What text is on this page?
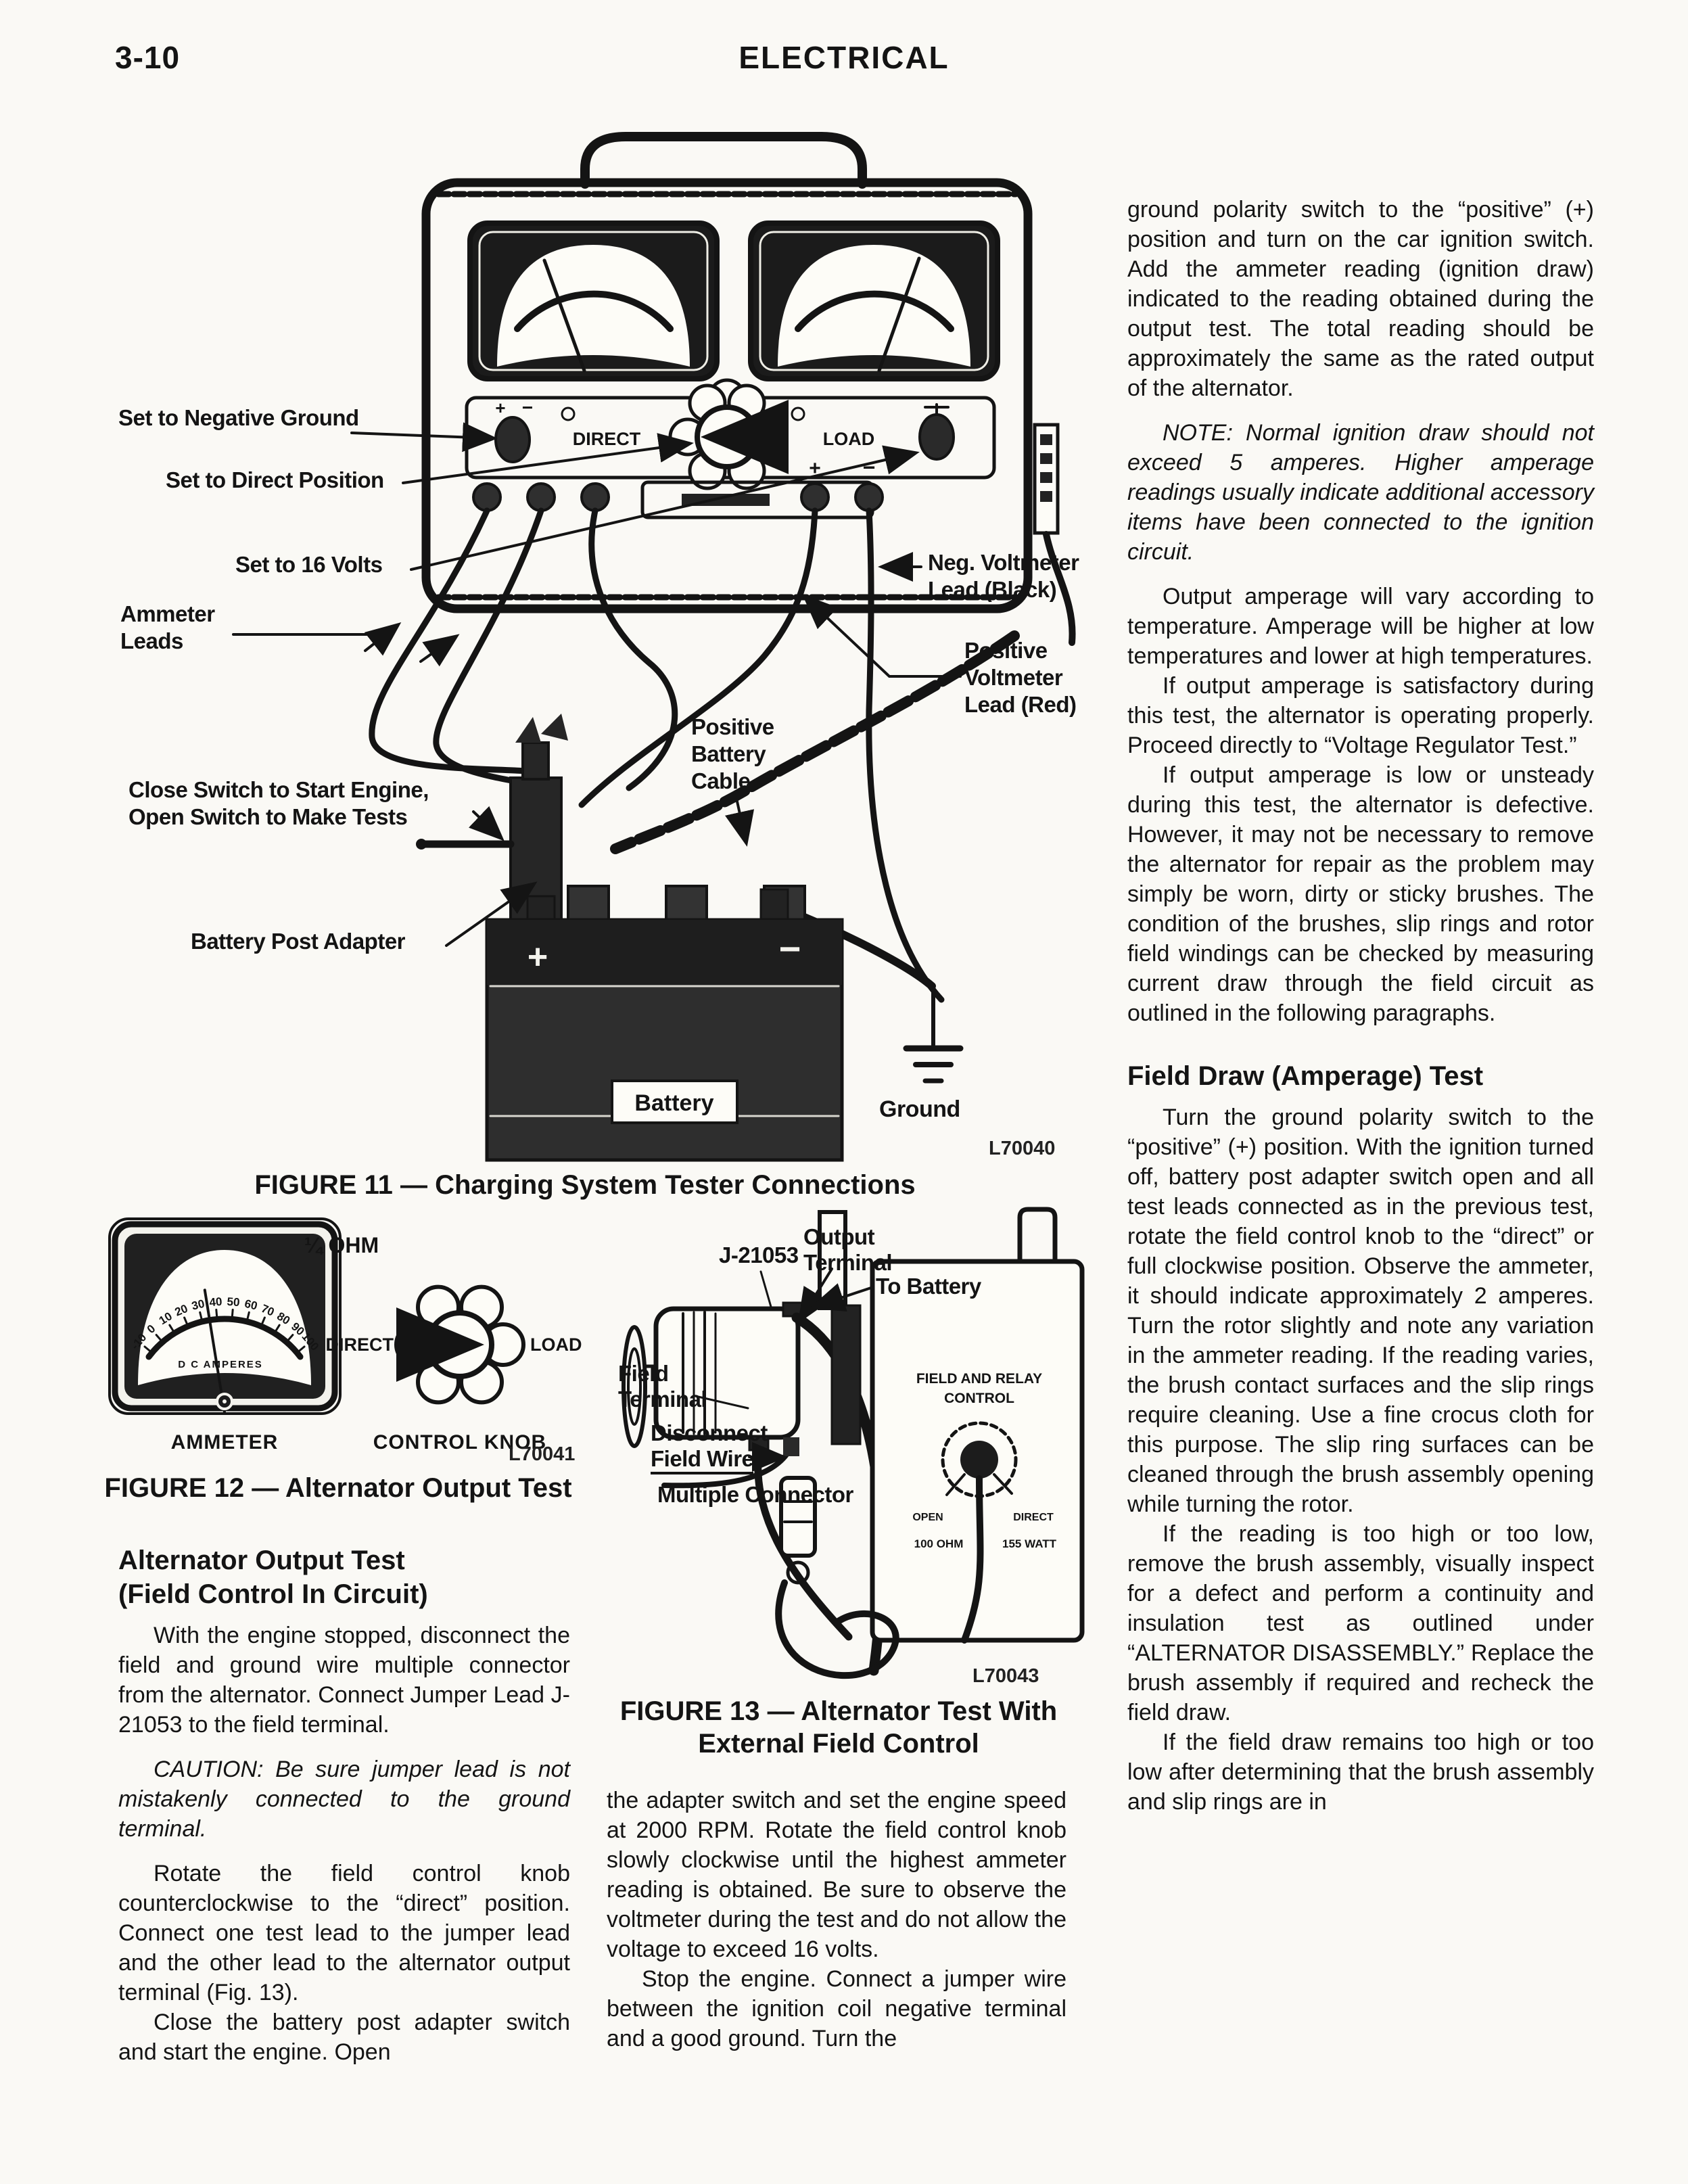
3-10	ELECTRICAL
+ −
DIRECT	LOAD
+ −
+	−
Battery
Set to Negative Ground
Set to Direct Position
Set to 16 Volts
Ammeter
Leads
Close Switch to Start Engine,
Open Switch to Make Tests
Battery Post Adapter
Neg. Voltmeter
Lead (Black)
Positive
Voltmeter
Lead (Red)
Positive
Battery
Cable
Ground
L70040
FIGURE 11 — Charging System Tester Connections
-10
0
10
20 30 40 50 60 70
80
90
100
D C AMPERES
DIRECT	LOAD
¼ OHM
AMMETER	CONTROL KNOB
L70041
FIGURE 12 — Alternator Output Test
FIELD AND RELAY
CONTROL
OPEN	DIRECT
100 OHM	155 WATT
J-21053
Output
Terminal
To Battery
Field
Terminal
Disconnect
Field Wire
Multiple Connector
L70043
FIGURE 13 — Alternator Test With
External Field Control
Alternator Output Test
(Field Control In Circuit)

With the engine stopped, disconnect the field and ground wire multiple connector from the alternator. Connect Jumper Lead J-21053 to the field terminal.

CAUTION: Be sure jumper lead is not mistakenly connected to the ground terminal.

Rotate the field control knob counterclockwise to the “direct” position. Connect one test lead to the jumper lead and the other lead to the alternator output terminal (Fig. 13).

Close the battery post adapter switch and start the engine. Open

the adapter switch and set the engine speed at 2000 RPM. Rotate the field control knob slowly clockwise until the highest ammeter reading is obtained. Be sure to observe the voltmeter during the test and do not allow the voltage to exceed 16 volts.

Stop the engine. Connect a jumper wire between the ignition coil negative terminal and a good ground. Turn the

ground polarity switch to the “positive” (+) position and turn on the car ignition switch. Add the ammeter reading (ignition draw) indicated to the reading obtained during the output test. The total reading should be approximately the same as the rated output of the alternator.

NOTE: Normal ignition draw should not exceed 5 amperes. Higher amperage readings usually indicate additional accessory items have been connected to the ignition circuit.

Output amperage will vary according to temperature. Amperage will be higher at low temperatures and lower at high temperatures.

If output amperage is satisfactory during this test, the alternator is operating properly. Proceed directly to “Voltage Regulator Test.”

If output amperage is low or unsteady during this test, the alternator is defective. However, it may not be necessary to remove the alternator for repair as the problem may simply be worn, dirty or sticky brushes. The condition of the brushes, slip rings and rotor field windings can be checked by measuring current draw through the field circuit as outlined in the following paragraphs.

Field Draw (Amperage) Test

Turn the ground polarity switch to the “positive” (+) position. With the ignition turned off, battery post adapter switch open and all test leads connected as in the previous test, rotate the field control knob to the “direct” or full clockwise position. Observe the ammeter, it should indicate approximately 2 amperes. Turn the rotor slightly and note any variation in the ammeter reading. If the reading varies, the brush contact surfaces and the slip rings require cleaning. Use a fine crocus cloth for this purpose. The slip ring surfaces can be cleaned through the brush assembly opening while turning the rotor.

If the reading is too high or too low, remove the brush assembly, visually inspect for a defect and perform a continuity and insulation test as outlined under “ALTERNATOR DISASSEMBLY.” Replace the brush assembly if required and recheck the field draw.

If the field draw remains too high or too low after determining that the brush assembly and slip rings are in
